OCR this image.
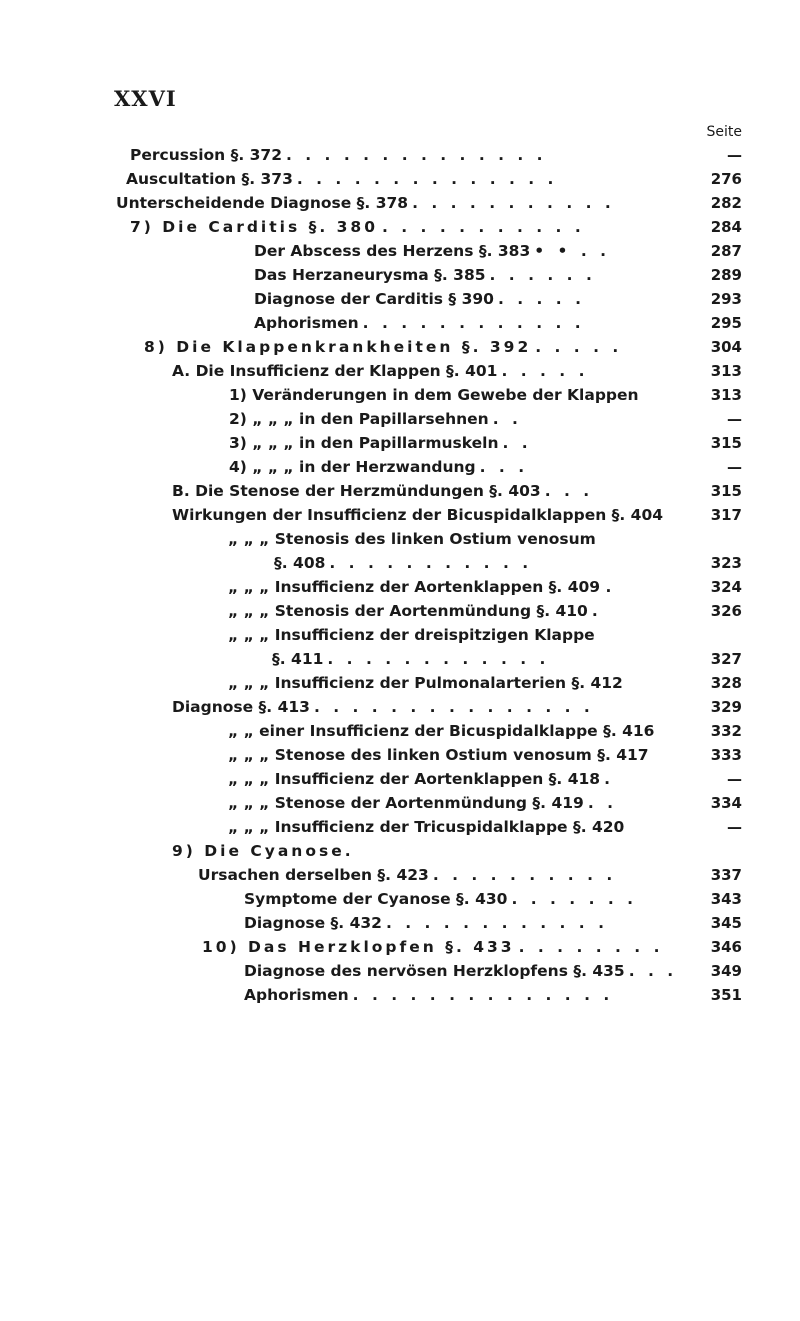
XXVI
Seite
Percussion §. 372 . . . . . . . . . . . . . .	—
Auscultation §. 373 . . . . . . . . . . . . . .	276
Unterscheidende Diagnose §. 378 . . . . . . . . . . .	282
7) Die Carditis §. 380 . . . . . . . . . . .	284
Der Abscess des Herzens §. 383 • • . .	287
Das Herzaneurysma §. 385 . . . . . .	289
Diagnose der Carditis § 390 . . . . .	293
Aphorismen . . . . . . . . . . . .	295
8) Die Klappenkrankheiten §. 392 . . . . .	304
A. Die Insufficienz der Klappen §. 401 . . . . .	313
1) Veränderungen in dem Gewebe der Klappen	313
2) „ „ „ in den Papillarsehnen . .	—
3) „ „ „ in den Papillarmuskeln . .	315
4) „ „ „ in der Herzwandung . . .	—
B. Die Stenose der Herzmündungen §. 403 . . .	315
Wirkungen der Insufficienz der Bicuspidalklappen §. 404	317
„ „ „ Stenosis des linken Ostium venosum
§. 408 . . . . . . . . . . .	323
„ „ „ Insufficienz der Aortenklappen §. 409 .	324
„ „ „ Stenosis der Aortenmündung §. 410 .	326
„ „ „ Insufficienz der dreispitzigen Klappe
§. 411 . . . . . . . . . . . .	327
„ „ „ Insufficienz der Pulmonalarterien §. 412	328
Diagnose §. 413 . . . . . . . . . . . . . . .	329
„ „ einer Insufficienz der Bicuspidalklappe §. 416	332
„ „ „ Stenose des linken Ostium venosum §. 417	333
„ „ „ Insufficienz der Aortenklappen §. 418 .	—
„ „ „ Stenose der Aortenmündung §. 419 . .	334
„ „ „ Insufficienz der Tricuspidalklappe §. 420	—
9) Die Cyanose.
Ursachen derselben §. 423 . . . . . . . . . .	337
Symptome der Cyanose §. 430 . . . . . . .	343
Diagnose §. 432 . . . . . . . . . . . .	345
10) Das Herzklopfen §. 433 . . . . . . . .	346
Diagnose des nervösen Herzklopfens §. 435 . . .	349
Aphorismen . . . . . . . . . . . . . .	351
